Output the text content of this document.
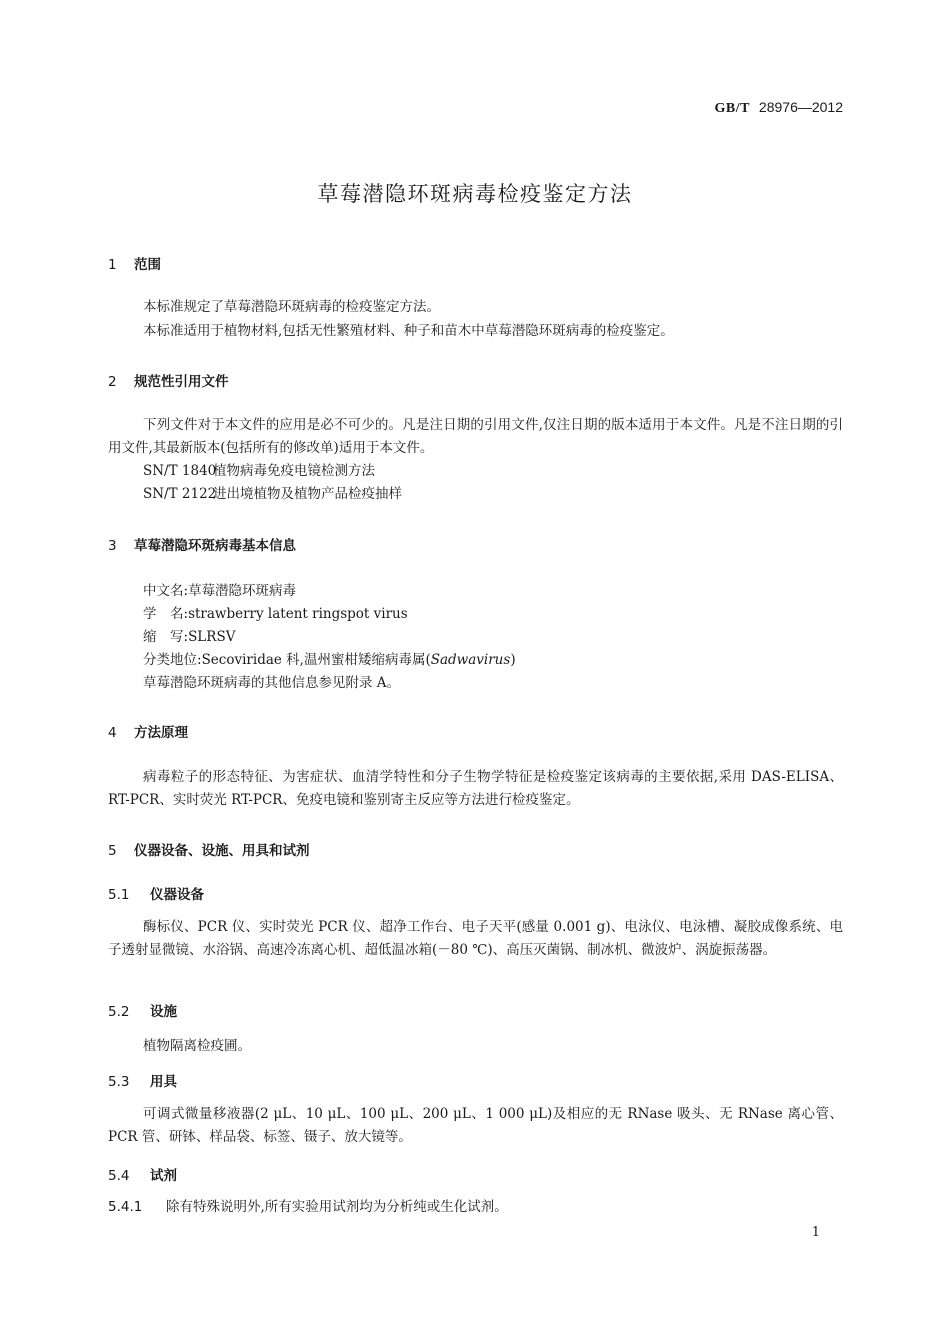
GB/T 28976—2012
草莓潜隐环斑病毒检疫鉴定方法
1 范围
本标准规定了草莓潜隐环斑病毒的检疫鉴定方法。
本标准适用于植物材料,包括无性繁殖材料、种子和苗木中草莓潜隐环斑病毒的检疫鉴定。
2 规范性引用文件
下列文件对于本文件的应用是必不可少的。凡是注日期的引用文件,仅注日期的版本适用于本文件。凡是不注日期的引用文件,其最新版本(包括所有的修改单)适用于本文件。
SN/T 1840植物病毒免疫电镜检测方法
SN/T 2122进出境植物及植物产品检疫抽样
3 草莓潜隐环斑病毒基本信息
中文名:草莓潜隐环斑病毒
学　名:strawberry latent ringspot virus
缩　写:SLRSV
分类地位:Secoviridae 科,温州蜜柑矮缩病毒属(Sadwavirus)
草莓潜隐环斑病毒的其他信息参见附录 A。
4 方法原理
病毒粒子的形态特征、为害症状、血清学特性和分子生物学特征是检疫鉴定该病毒的主要依据,采用 DAS-ELISA、RT-PCR、实时荧光 RT-PCR、免疫电镜和鉴别寄主反应等方法进行检疫鉴定。
5 仪器设备、设施、用具和试剂
5.1 仪器设备
酶标仪、PCR 仪、实时荧光 PCR 仪、超净工作台、电子天平(感量 0.001 g)、电泳仪、电泳槽、凝胶成像系统、电子透射显微镜、水浴锅、高速冷冻离心机、超低温冰箱(－80 ℃)、高压灭菌锅、制冰机、微波炉、涡旋振荡器。
5.2 设施
植物隔离检疫圃。
5.3 用具
可调式微量移液器(2 μL、10 μL、100 μL、200 μL、1 000 μL)及相应的无 RNase 吸头、无 RNase 离心管、PCR 管、研钵、样品袋、标签、镊子、放大镜等。
5.4 试剂
5.4.1 除有特殊说明外,所有实验用试剂均为分析纯或生化试剂。
1
